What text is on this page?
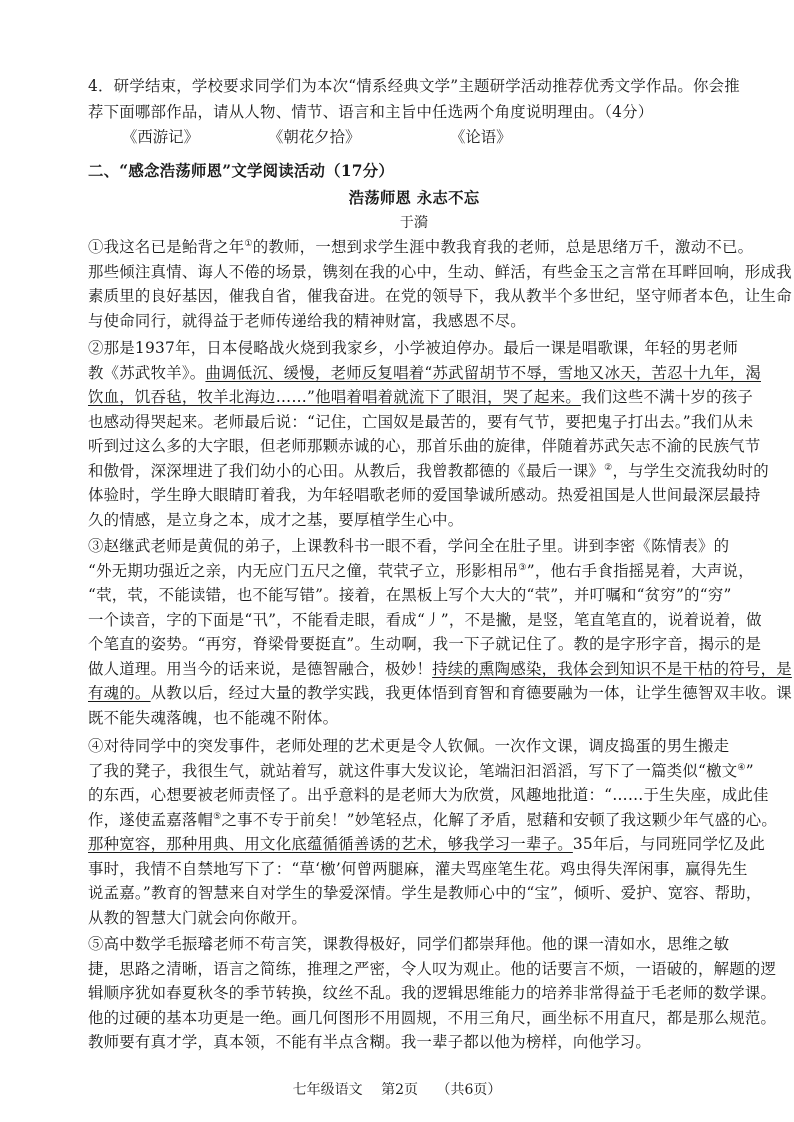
4．研学结束，学校要求同学们为本次“情系经典文学”主题研学活动推荐优秀文学作品。你会推
荐下面哪部作品，请从人物、情节、语言和主旨中任选两个角度说明理由。（4分）
《西游记》	《朝花夕拾》	《论语》
二、“感念浩荡师恩”文学阅读活动（17分）
浩荡师恩 永志不忘
于漪
①我这名已是鲐背之年①的教师，一想到求学生涯中教我育我的老师，总是思绪万千，激动不已。
那些倾注真情、诲人不倦的场景，镌刻在我的心中，生动、鲜活，有些金玉之言常在耳畔回响，形成我
素质里的良好基因，催我自省，催我奋进。在党的领导下，我从教半个多世纪，坚守师者本色，让生命
与使命同行，就得益于老师传递给我的精神财富，我感恩不尽。
②那是1937年，日本侵略战火烧到我家乡，小学被迫停办。最后一课是唱歌课，年轻的男老师
教《苏武牧羊》。曲调低沉、缓慢，老师反复唱着“苏武留胡节不辱，雪地又冰天，苦忍十九年，渴
饮血，饥吞毡，牧羊北海边……”他唱着唱着就流下了眼泪，哭了起来。我们这些不满十岁的孩子
也感动得哭起来。老师最后说：“记住，亡国奴是最苦的，要有气节，要把鬼子打出去。”我们从未
听到过这么多的大字眼，但老师那颗赤诚的心，那首乐曲的旋律，伴随着苏武矢志不渝的民族气节
和傲骨，深深埋进了我们幼小的心田。从教后，我曾教都德的《最后一课》②，与学生交流我幼时的
体验时，学生睁大眼睛盯着我，为年轻唱歌老师的爱国挚诚所感动。热爱祖国是人世间最深层最持
久的情感，是立身之本，成才之基，要厚植学生心中。
③赵继武老师是黄侃的弟子，上课教科书一眼不看，学问全在肚子里。讲到李密《陈情表》的
“外无期功强近之亲，内无应门五尺之僮，茕茕孑立，形影相吊③”，他右手食指摇晃着，大声说，
“茕，茕，不能读错，也不能写错”。接着，在黑板上写个大大的“茕”，并叮嘱和“贫穷”的“穷”
一个读音，字的下面是“卂”，不能看走眼，看成“丿”，不是撇，是竖，笔直笔直的，说着说着，做
个笔直的姿势。“再穷，脊梁骨要挺直”。生动啊，我一下子就记住了。教的是字形字音，揭示的是
做人道理。用当今的话来说，是德智融合，极妙！持续的熏陶感染，我体会到知识不是干枯的符号，是
有魂的。从教以后，经过大量的教学实践，我更体悟到育智和育德要融为一体，让学生德智双丰收。课
既不能失魂落魄，也不能魂不附体。
④对待同学中的突发事件，老师处理的艺术更是令人钦佩。一次作文课，调皮捣蛋的男生搬走
了我的凳子，我很生气，就站着写，就这件事大发议论，笔端汩汩滔滔，写下了一篇类似“檄文④”
的东西，心想要被老师责怪了。出乎意料的是老师大为欣赏，风趣地批道：“……于生失座，成此佳
作，遂使孟嘉落帽⑤之事不专于前矣！”妙笔轻点，化解了矛盾，慰藉和安顿了我这颗少年气盛的心。
那种宽容，那种用典、用文化底蕴循循善诱的艺术，够我学习一辈子。35年后，与同班同学忆及此
事时，我情不自禁地写下了：“草‘檄’何曾两腿麻，灌夫骂座笔生花。鸡虫得失浑闲事，赢得先生
说孟嘉。”教育的智慧来自对学生的挚爱深情。学生是教师心中的“宝”，倾听、爱护、宽容、帮助，
从教的智慧大门就会向你敞开。
⑤高中数学毛振璿老师不苟言笑，课教得极好，同学们都崇拜他。他的课一清如水，思维之敏
捷，思路之清晰，语言之简练，推理之严密，令人叹为观止。他的话要言不烦，一语破的，解题的逻
辑顺序犹如春夏秋冬的季节转换，纹丝不乱。我的逻辑思维能力的培养非常得益于毛老师的数学课。
他的过硬的基本功更是一绝。画几何图形不用圆规，不用三角尺，画坐标不用直尺，都是那么规范。
教师要有真才学，真本领，不能有半点含糊。我一辈子都以他为榜样，向他学习。
七年级语文 第2页 （共6页）
